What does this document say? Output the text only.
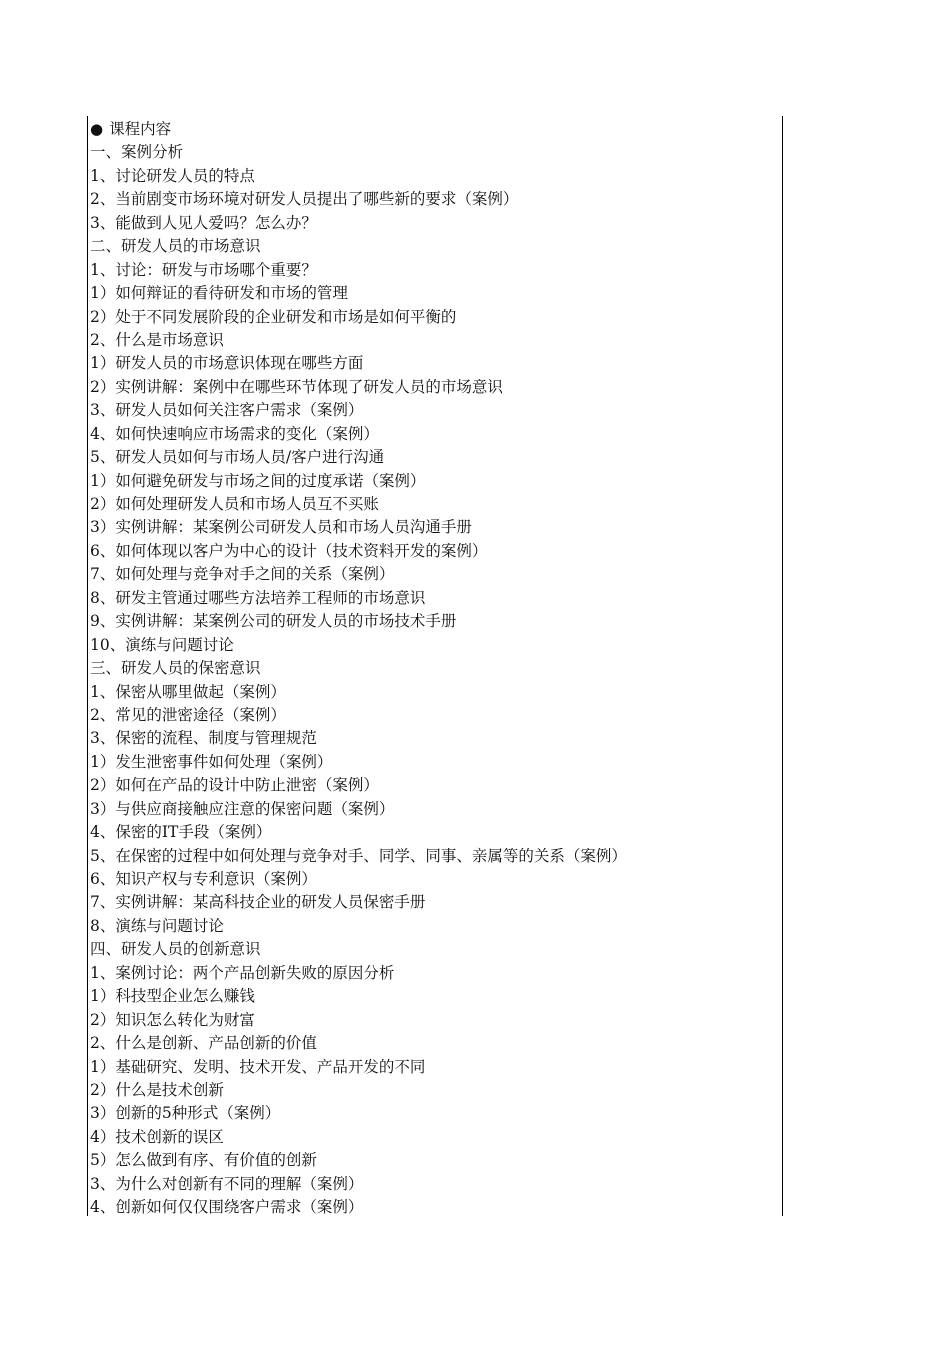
● 课程内容
一、案例分析
1、讨论研发人员的特点
2、当前剧变市场环境对研发人员提出了哪些新的要求（案例）
3、能做到人见人爱吗？怎么办？
二、研发人员的市场意识
1、讨论：研发与市场哪个重要？
1）如何辩证的看待研发和市场的管理
2）处于不同发展阶段的企业研发和市场是如何平衡的
2、什么是市场意识
1）研发人员的市场意识体现在哪些方面
2）实例讲解：案例中在哪些环节体现了研发人员的市场意识
3、研发人员如何关注客户需求（案例）
4、如何快速响应市场需求的变化（案例）
5、研发人员如何与市场人员/客户进行沟通
1）如何避免研发与市场之间的过度承诺（案例）
2）如何处理研发人员和市场人员互不买账
3）实例讲解：某案例公司研发人员和市场人员沟通手册
6、如何体现以客户为中心的设计（技术资料开发的案例）
7、如何处理与竞争对手之间的关系（案例）
8、研发主管通过哪些方法培养工程师的市场意识
9、实例讲解：某案例公司的研发人员的市场技术手册
10、演练与问题讨论
三、研发人员的保密意识
1、保密从哪里做起（案例）
2、常见的泄密途径（案例）
3、保密的流程、制度与管理规范
1）发生泄密事件如何处理（案例）
2）如何在产品的设计中防止泄密（案例）
3）与供应商接触应注意的保密问题（案例）
4、保密的IT手段（案例）
5、在保密的过程中如何处理与竞争对手、同学、同事、亲属等的关系（案例）
6、知识产权与专利意识（案例）
7、实例讲解：某高科技企业的研发人员保密手册
8、演练与问题讨论
四、研发人员的创新意识
1、案例讨论：两个产品创新失败的原因分析
1）科技型企业怎么赚钱
2）知识怎么转化为财富
2、什么是创新、产品创新的价值
1）基础研究、发明、技术开发、产品开发的不同
2）什么是技术创新
3）创新的5种形式（案例）
4）技术创新的误区
5）怎么做到有序、有价值的创新
3、为什么对创新有不同的理解（案例）
4、创新如何仅仅围绕客户需求（案例）
